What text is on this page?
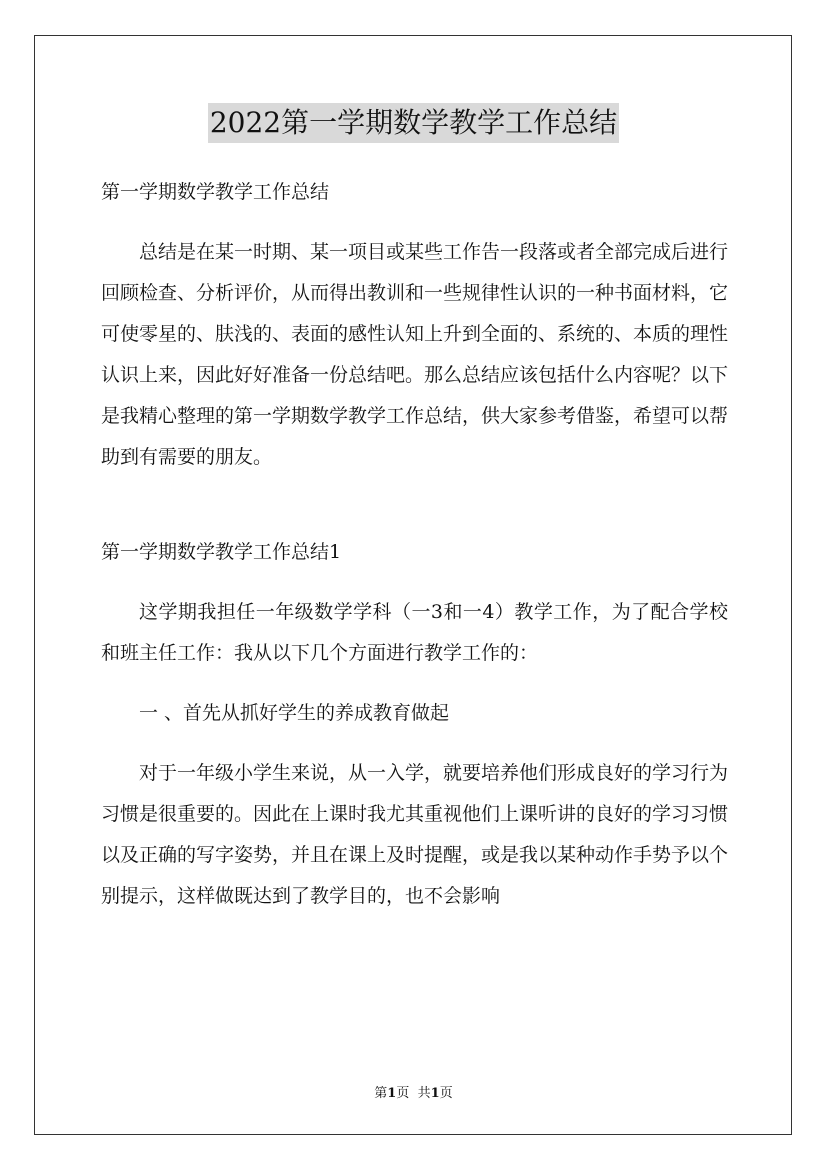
2022第一学期数学教学工作总结

第一学期数学教学工作总结

总结是在某一时期、某一项目或某些工作告一段落或者全部完成后进行回顾检查、分析评价，从而得出教训和一些规律性认识的一种书面材料，它可使零星的、肤浅的、表面的感性认知上升到全面的、系统的、本质的理性认识上来，因此好好准备一份总结吧。那么总结应该包括什么内容呢？以下是我精心整理的第一学期数学教学工作总结，供大家参考借鉴，希望可以帮助到有需要的朋友。

第一学期数学教学工作总结1

这学期我担任一年级数学学科（一3和一4）教学工作，为了配合学校和班主任工作：我从以下几个方面进行教学工作的：

一 、首先从抓好学生的养成教育做起

对于一年级小学生来说，从一入学，就要培养他们形成良好的学习行为习惯是很重要的。因此在上课时我尤其重视他们上课听讲的良好的学习习惯以及正确的写字姿势，并且在课上及时提醒，或是我以某种动作手势予以个别提示，这样做既达到了教学目的，也不会影响

第1页 共1页
